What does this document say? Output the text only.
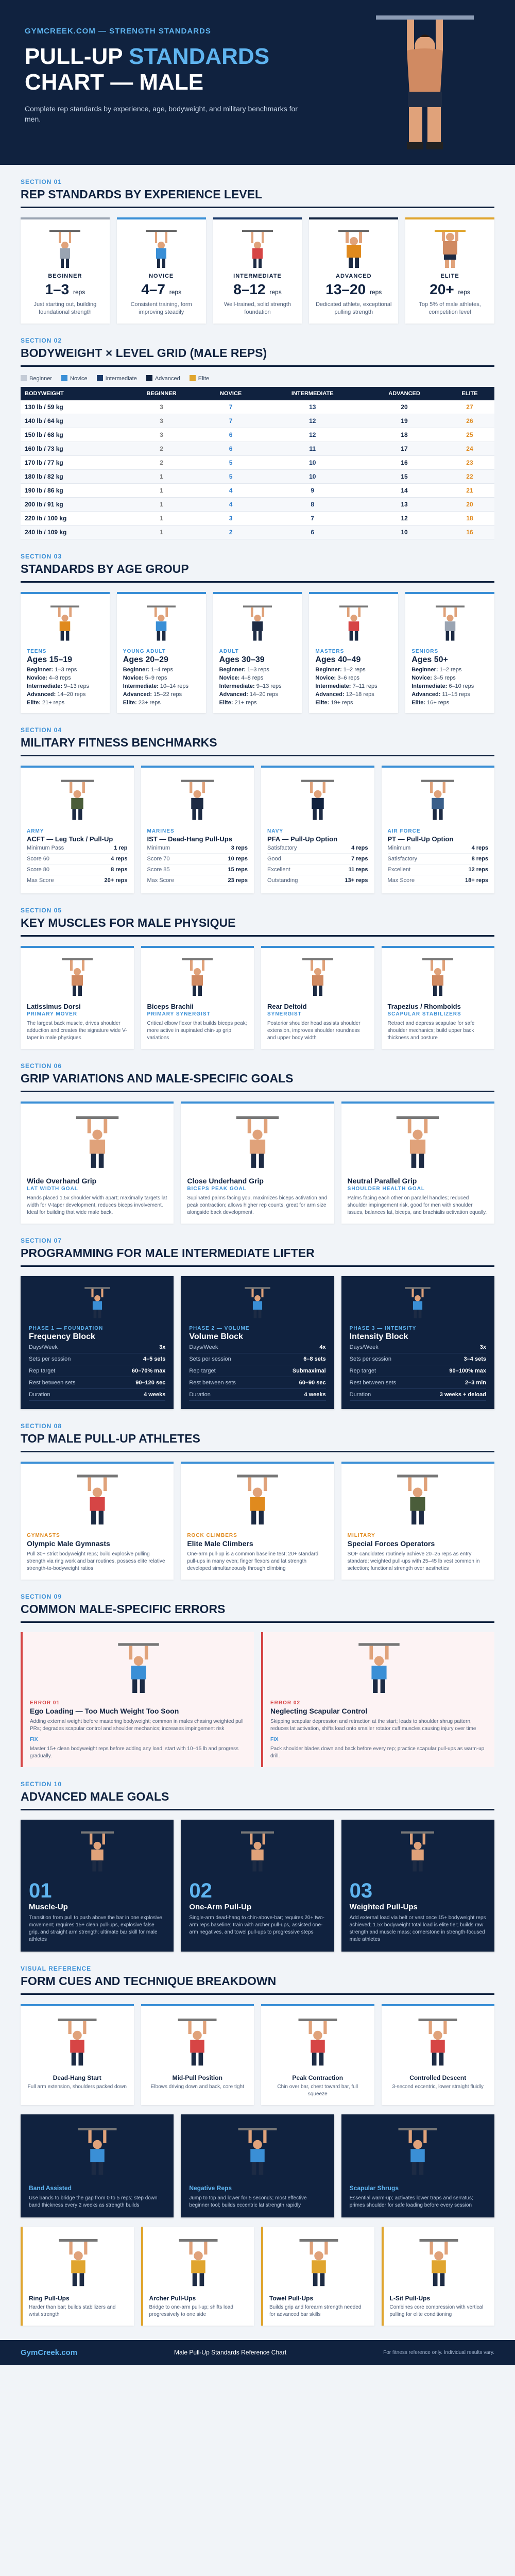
GYMCREEK.COM — STRENGTH STANDARDS
PULL-UP STANDARDS
CHART — MALE
Complete rep standards by experience, age, bodyweight, and military benchmarks for men.
SECTION 01
REP STANDARDS BY EXPERIENCE LEVEL
BEGINNER
1–3 reps
Just starting out, building foundational strength
NOVICE
4–7 reps
Consistent training, form improving steadily
INTERMEDIATE
8–12 reps
Well-trained, solid strength foundation
ADVANCED
13–20 reps
Dedicated athlete, exceptional pulling strength
ELITE
20+ reps
Top 5% of male athletes, competition level
SECTION 02
BODYWEIGHT × LEVEL GRID (MALE REPS)
Beginner	Novice	Intermediate	Advanced	Elite
BODYWEIGHT	BEGINNER	NOVICE	INTERMEDIATE	ADVANCED	ELITE
130 lb / 59 kg	3	7	13	20	27
140 lb / 64 kg	3	7	12	19	26
150 lb / 68 kg	3	6	12	18	25
160 lb / 73 kg	2	6	11	17	24
170 lb / 77 kg	2	5	10	16	23
180 lb / 82 kg	1	5	10	15	22
190 lb / 86 kg	1	4	9	14	21
200 lb / 91 kg	1	4	8	13	20
220 lb / 100 kg	1	3	7	12	18
240 lb / 109 kg	1	2	6	10	16
SECTION 03
STANDARDS BY AGE GROUP
TEENS
Ages 15–19
Beginner: 1–3 reps
Novice: 4–8 reps
Intermediate: 9–13 reps
Advanced: 14–20 reps
Elite: 21+ reps
YOUNG ADULT
Ages 20–29
Beginner: 1–4 reps
Novice: 5–9 reps
Intermediate: 10–14 reps
Advanced: 15–22 reps
Elite: 23+ reps
ADULT
Ages 30–39
Beginner: 1–3 reps
Novice: 4–8 reps
Intermediate: 9–13 reps
Advanced: 14–20 reps
Elite: 21+ reps
MASTERS
Ages 40–49
Beginner: 1–2 reps
Novice: 3–6 reps
Intermediate: 7–11 reps
Advanced: 12–18 reps
Elite: 19+ reps
SENIORS
Ages 50+
Beginner: 1–2 reps
Novice: 3–5 reps
Intermediate: 6–10 reps
Advanced: 11–15 reps
Elite: 16+ reps
SECTION 04
MILITARY FITNESS BENCHMARKS
ARMY
ACFT — Leg Tuck / Pull-Up
Minimum Pass	1 rep
Score 60	4 reps
Score 80	8 reps
Max Score	20+ reps
MARINES
IST — Dead-Hang Pull-Ups
Minimum	3 reps
Score 70	10 reps
Score 85	15 reps
Max Score	23 reps
NAVY
PFA — Pull-Up Option
Satisfactory	4 reps
Good	7 reps
Excellent	11 reps
Outstanding	13+ reps
AIR FORCE
PT — Pull-Up Option
Minimum	4 reps
Satisfactory	8 reps
Excellent	12 reps
Max Score	18+ reps
SECTION 05
KEY MUSCLES FOR MALE PHYSIQUE
Latissimus Dorsi
PRIMARY MOVER
The largest back muscle, drives shoulder adduction and creates the signature wide V-taper in male physiques
Biceps Brachii
PRIMARY SYNERGIST
Critical elbow flexor that builds biceps peak; more active in supinated chin-up grip variations
Rear Deltoid
SYNERGIST
Posterior shoulder head assists shoulder extension, improves shoulder roundness and upper body width
Trapezius / Rhomboids
SCAPULAR STABILIZERS
Retract and depress scapulae for safe shoulder mechanics; build upper back thickness and posture
SECTION 06
GRIP VARIATIONS AND MALE-SPECIFIC GOALS
Wide Overhand Grip
LAT WIDTH GOAL
Hands placed 1.5x shoulder width apart; maximally targets lat width for V-taper development, reduces biceps involvement. Ideal for building that wide male back.
Close Underhand Grip
BICEPS PEAK GOAL
Supinated palms facing you, maximizes biceps activation and peak contraction; allows higher rep counts, great for arm size alongside back development.
Neutral Parallel Grip
SHOULDER HEALTH GOAL
Palms facing each other on parallel handles; reduced shoulder impingement risk, good for men with shoulder issues, balances lat, biceps, and brachialis activation equally.
SECTION 07
PROGRAMMING FOR MALE INTERMEDIATE LIFTER
PHASE 1 — FOUNDATION
Frequency Block
Days/Week	3x
Sets per session	4–5 sets
Rep target	60–70% max
Rest between sets	90–120 sec
Duration	4 weeks
PHASE 2 — VOLUME
Volume Block
Days/Week	4x
Sets per session	6–8 sets
Rep target	Submaximal
Rest between sets	60–90 sec
Duration	4 weeks
PHASE 3 — INTENSITY
Intensity Block
Days/Week	3x
Sets per session	3–4 sets
Rep target	90–100% max
Rest between sets	2–3 min
Duration	3 weeks + deload
SECTION 08
TOP MALE PULL-UP ATHLETES
GYMNASTS
Olympic Male Gymnasts
Pull 30+ strict bodyweight reps; build explosive pulling strength via ring work and bar routines, possess elite relative strength-to-bodyweight ratios
ROCK CLIMBERS
Elite Male Climbers
One-arm pull-up is a common baseline test; 20+ standard pull-ups in many even; finger flexors and lat strength developed simultaneously through climbing
MILITARY
Special Forces Operators
SOF candidates routinely achieve 20–25 reps as entry standard; weighted pull-ups with 25–45 lb vest common in selection; functional strength over aesthetics
SECTION 09
COMMON MALE-SPECIFIC ERRORS
ERROR 01
Ego Loading — Too Much Weight Too Soon
Adding external weight before mastering bodyweight; common in males chasing weighted pull PRs; degrades scapular control and shoulder mechanics; increases impingement risk
FIX
Master 15+ clean bodyweight reps before adding any load; start with 10–15 lb and progress gradually.
ERROR 02
Neglecting Scapular Control
Skipping scapular depression and retraction at the start; leads to shoulder shrug pattern, reduces lat activation, shifts load onto smaller rotator cuff muscles causing injury over time
FIX
Pack shoulder blades down and back before every rep; practice scapular pull-ups as warm-up drill.
SECTION 10
ADVANCED MALE GOALS
01
Muscle-Up
Transition from pull to push above the bar in one explosive movement; requires 15+ clean pull-ups, explosive false grip, and straight arm strength; ultimate bar skill for male athletes
02
One-Arm Pull-Up
Single-arm dead-hang to chin-above-bar; requires 20+ two-arm reps baseline; train with archer pull-ups, assisted one-arm negatives, and towel pull-ups to progressive steps
03
Weighted Pull-Ups
Add external load via belt or vest once 15+ bodyweight reps achieved; 1.5x bodyweight total load is elite tier; builds raw strength and muscle mass; cornerstone in strength-focused male athletes
VISUAL REFERENCE
FORM CUES AND TECHNIQUE BREAKDOWN
Dead-Hang Start
Full arm extension, shoulders packed down
Mid-Pull Position
Elbows driving down and back, core tight
Peak Contraction
Chin over bar, chest toward bar, full squeeze
Controlled Descent
3-second eccentric, lower straight fluidly
Band Assisted
Use bands to bridge the gap from 0 to 5 reps; step down band thickness every 2 weeks as strength builds
Negative Reps
Jump to top and lower for 5 seconds; most effective beginner tool; builds eccentric lat strength rapidly
Scapular Shrugs
Essential warm-up; activates lower traps and serratus; primes shoulder for safe loading before every session
Ring Pull-Ups
Harder than bar; builds stabilizers and wrist strength
Archer Pull-Ups
Bridge to one-arm pull-up; shifts load progressively to one side
Towel Pull-Ups
Builds grip and forearm strength needed for advanced bar skills
L-Sit Pull-Ups
Combines core compression with vertical pulling for elite conditioning
GymCreek.com	Male Pull-Up Standards Reference Chart	For fitness reference only. Individual results vary.
